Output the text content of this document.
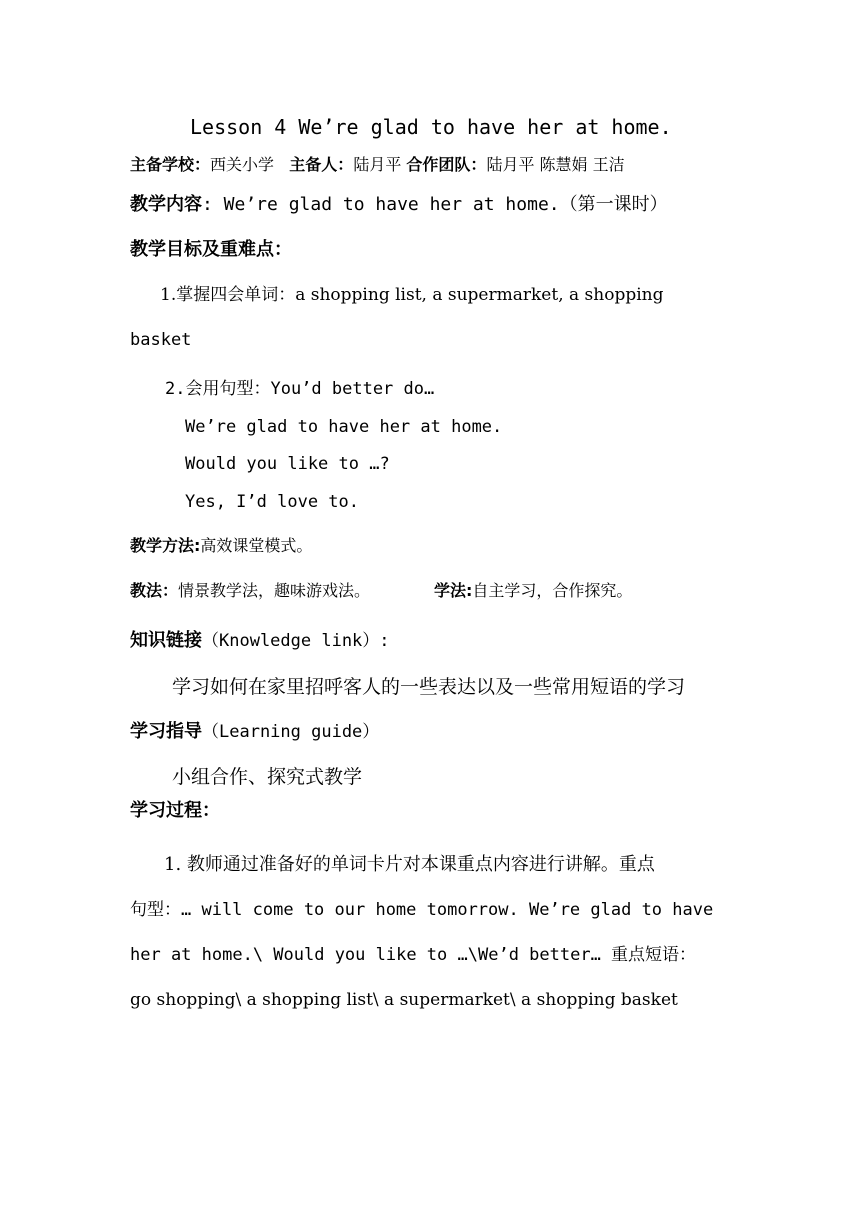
Lesson 4 We’re glad to have her at home.
主备学校：西关小学 主备人：陆月平 合作团队：陆月平 陈慧娟 王洁
教学内容: We’re glad to have her at home.（第一课时）
教学目标及重难点：
1.掌握四会单词：a shopping list, a supermarket, a shopping
basket
2.会用句型：You’d better do…
We’re glad to have her at home.
Would you like to …?
Yes, I’d love to.
教学方法:高效课堂模式。
教法：情景教学法，趣味游戏法。	学法:自主学习，合作探究。
知识链接（Knowledge link）:
学习如何在家里招呼客人的一些表达以及一些常用短语的学习
学习指导（Learning guide）
小组合作、探究式教学
学习过程：
1. 教师通过准备好的单词卡片对本课重点内容进行讲解。重点
句型：… will come to our home tomorrow. We’re glad to have
her at home.\ Would you like to …\We’d better… 重点短语：
go shopping\ a shopping list\ a supermarket\ a shopping basket
